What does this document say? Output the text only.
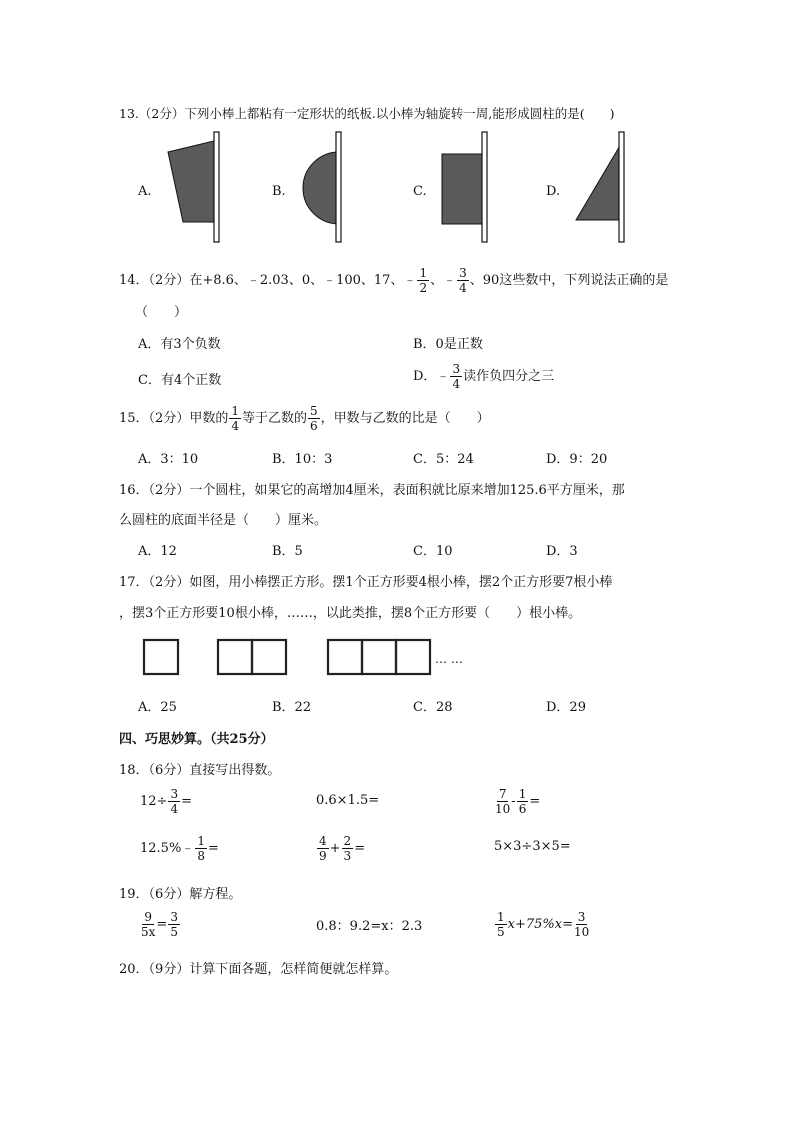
13.（2分）下列小棒上都粘有一定形状的纸板.以小棒为轴旋转一周,能形成圆柱的是(　　)
A.	B.	C.	D.
14．（2分）在+8.6、﹣2.03、0、﹣100、17、﹣ $\frac{1}{2}$ 、﹣ $\frac{3}{4}$ 、90这些数中，下列说法正确的是
（　　）
A．有3个负数	B．0是正数
C．有4个正数	D．﹣ $\frac{3}{4}$ 读作负四分之三
15．（2分）甲数的 $\frac{1}{4}$ 等于乙数的 $\frac{5}{6}$ ，甲数与乙数的比是（　　）
A．3：10	B．10：3	C．5：24	D．9：20
16．（2分）一个圆柱，如果它的高增加4厘米，表面积就比原来增加125.6平方厘米，那
么圆柱的底面半径是（　　）厘米。
A．12	B．5	C．10	D．3
17．（2分）如图，用小棒摆正方形。摆1个正方形要4根小棒，摆2个正方形要7根小棒
，摆3个正方形要10根小棒，……，以此类推，摆8个正方形要（　　）根小棒。
… …
A．25	B．22	C．28	D．29
四、巧思妙算。（共25分）
18．（6分）直接写出得数。
$12\div \frac{3}{4}$ =	0.6×1.5=	$\frac{7}{10} - \frac{1}{6}$ =
12.5%﹣ $\frac{1}{8}$ =	$\frac{4}{9} + \frac{2}{3}$ =	5×3÷3×5=
19．（6分）解方程。
$\frac{9}{5x} = \frac{3}{5}$	0.8：9.2=x：2.3	$\frac{1}{5} x+75\%x= \frac{3}{10}$
20．（9分）计算下面各题，怎样简便就怎样算。
